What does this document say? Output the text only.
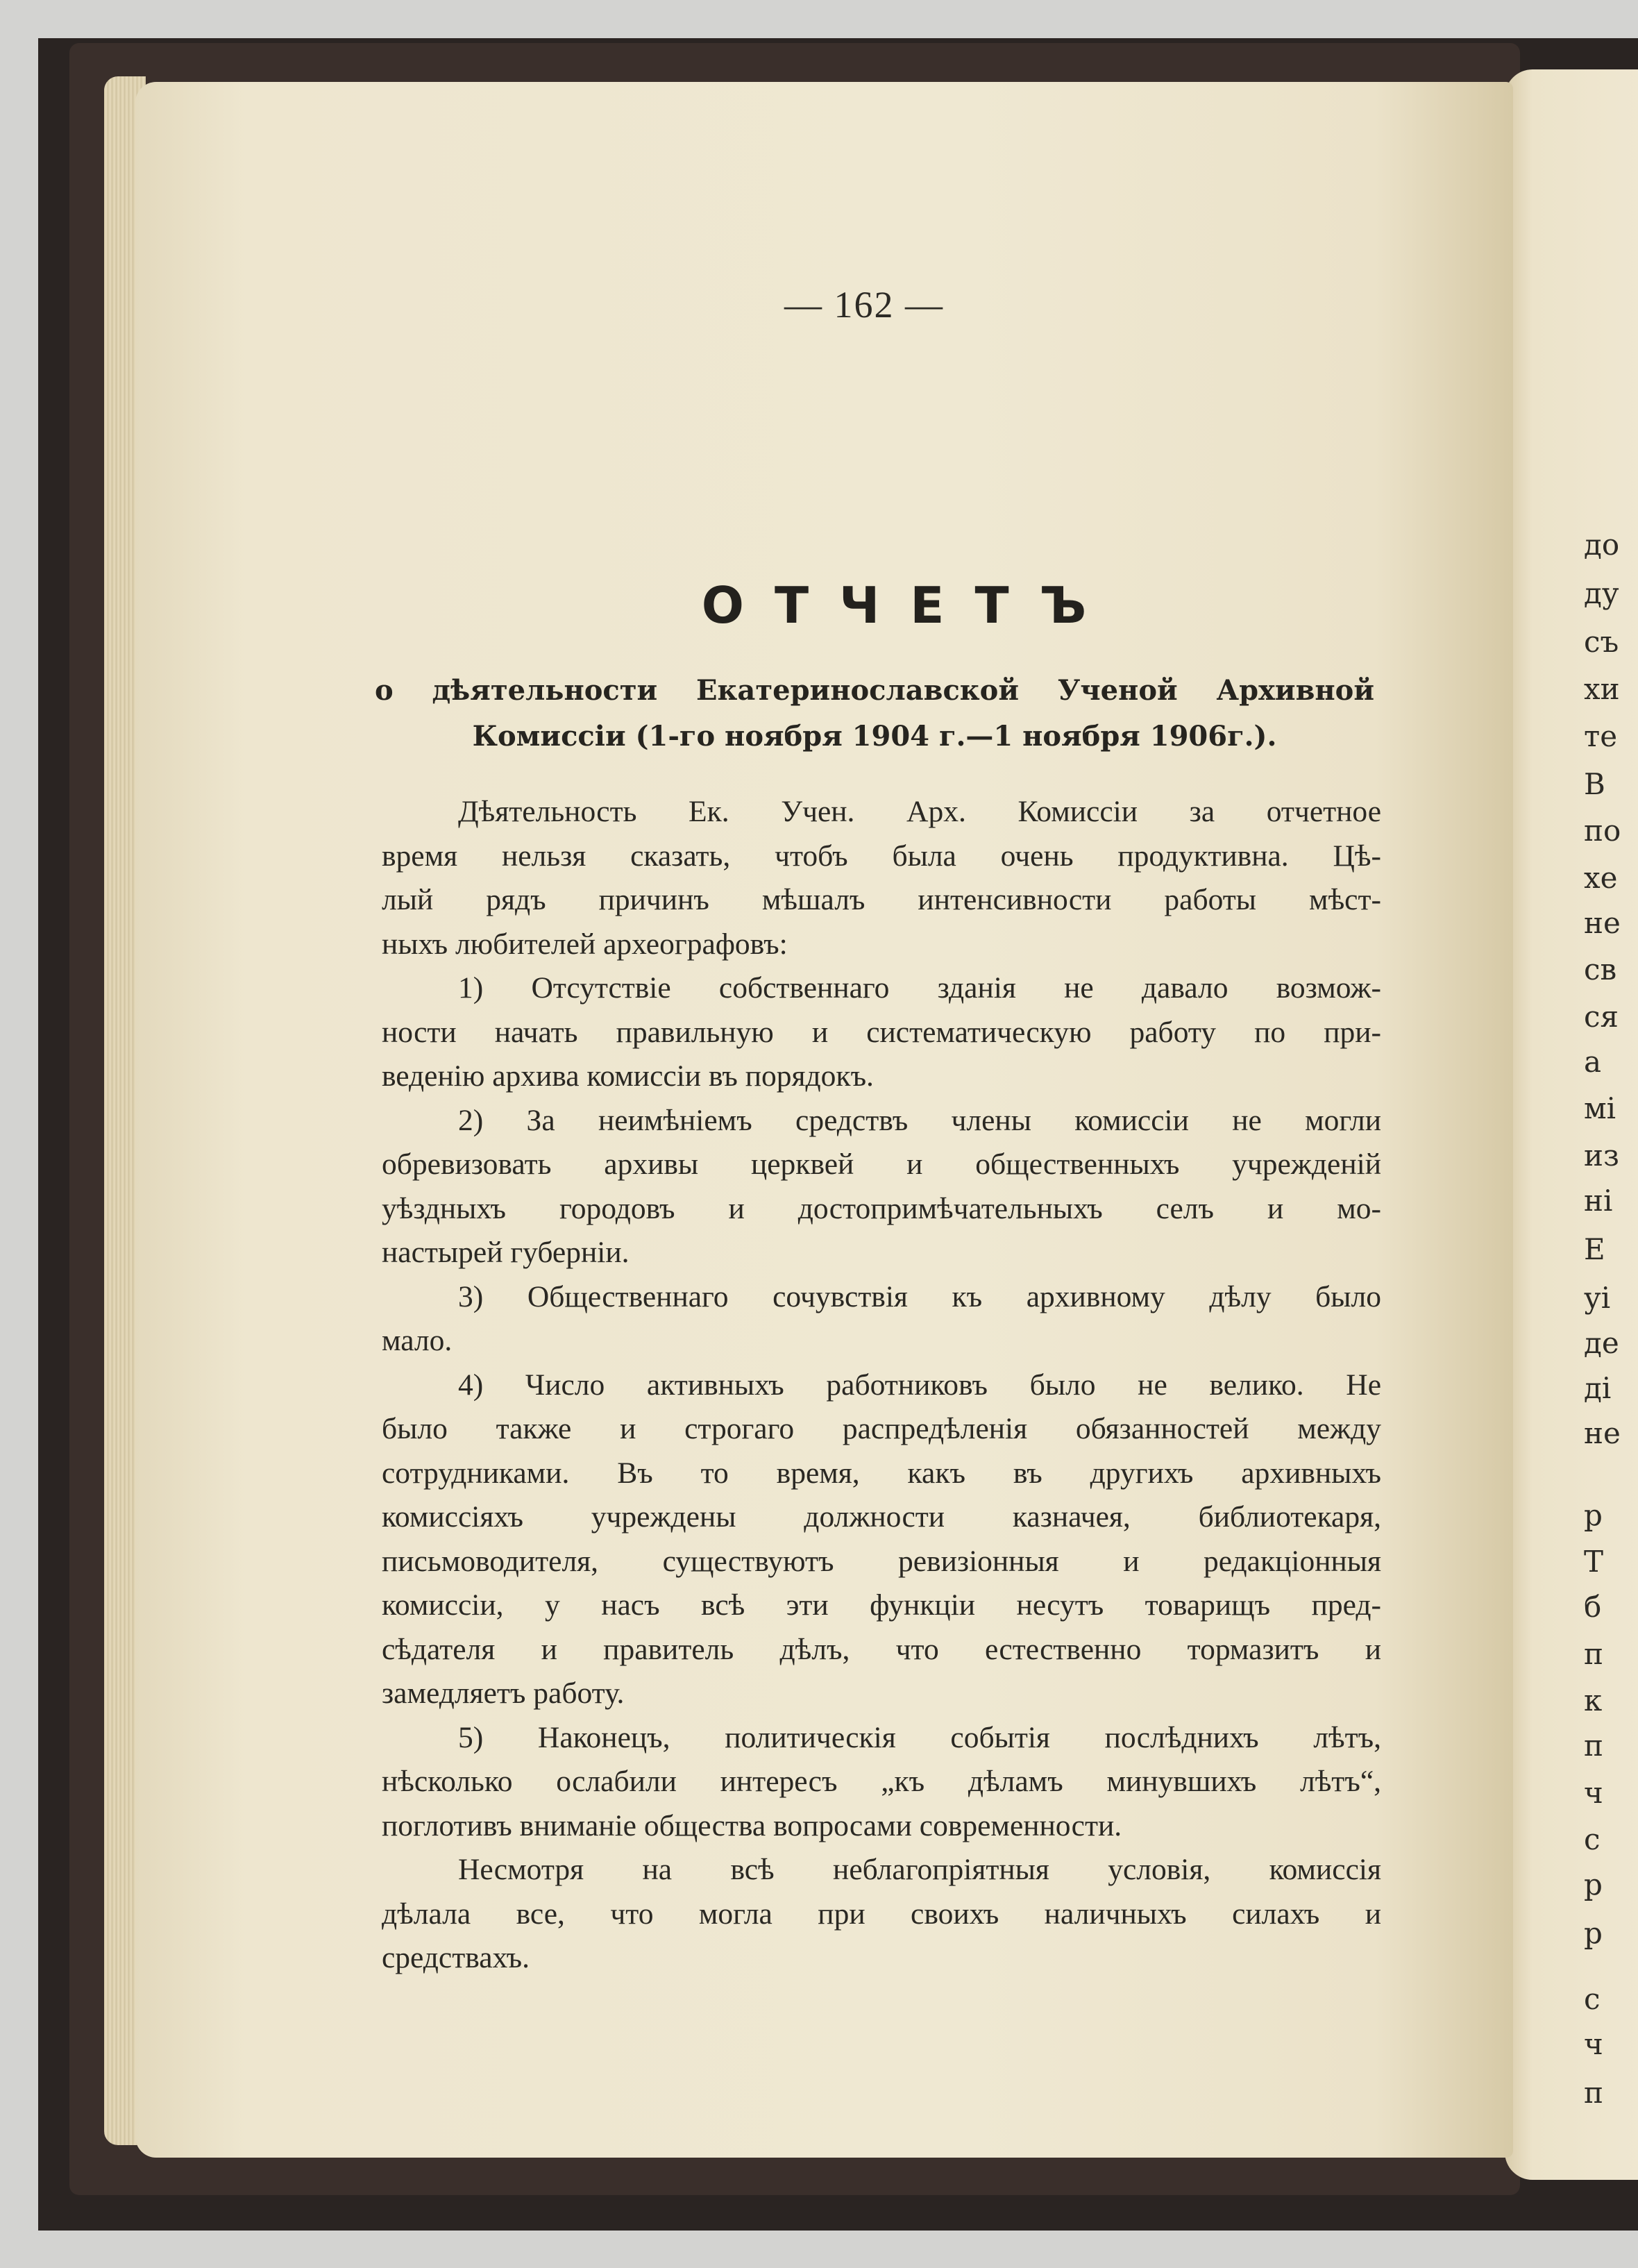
до
ду
съ
хи
те
В
по
хе
не
св
ся
а
мі
из
ні
Е
уі
де
ді
не
р
Т
б
п
к
п
ч
с
р
р
с
ч
п
— 162 —
ОТЧЕТЪ
о дѣятельности Екатеринославской Ученой Архивной
Комиссіи (1-го ноября 1904 г.—1 ноября 1906г.).
Дѣятельность Ек. Учен. Арх. Комиссіи за отчетное
время нельзя сказать, чтобъ была очень продуктивна. Цѣ-
лый рядъ причинъ мѣшалъ интенсивности работы мѣст-
ныхъ любителей археографовъ:
1) Отсутствіе собственнаго зданія не давало возмож-
ности начать правильную и систематическую работу по при-
веденію архива комиссіи въ порядокъ.
2) За неимѣніемъ средствъ члены комиссіи не могли
обревизовать архивы церквей и общественныхъ учрежденій
уѣздныхъ городовъ и достопримѣчательныхъ селъ и мо-
настырей губерніи.
3) Общественнаго сочувствія къ архивному дѣлу было
мало.
4) Число активныхъ работниковъ было не велико. Не
было также и строгаго распредѣленія обязанностей между
сотрудниками. Въ то время, какъ въ другихъ архивныхъ
комиссіяхъ учреждены должности казначея, библиотекаря,
письмоводителя, существуютъ ревизіонныя и редакціонныя
комиссіи, у насъ всѣ эти функціи несутъ товарищъ пред-
сѣдателя и правитель дѣлъ, что естественно тормазитъ и
замедляетъ работу.
5) Наконецъ, политическія событія послѣднихъ лѣтъ,
нѣсколько ослабили интересъ „къ дѣламъ минувшихъ лѣтъ“,
поглотивъ вниманіе общества вопросами современности.
Несмотря на всѣ неблагопріятныя условія, комиссія
дѣлала все, что могла при своихъ наличныхъ силахъ и
средствахъ.
